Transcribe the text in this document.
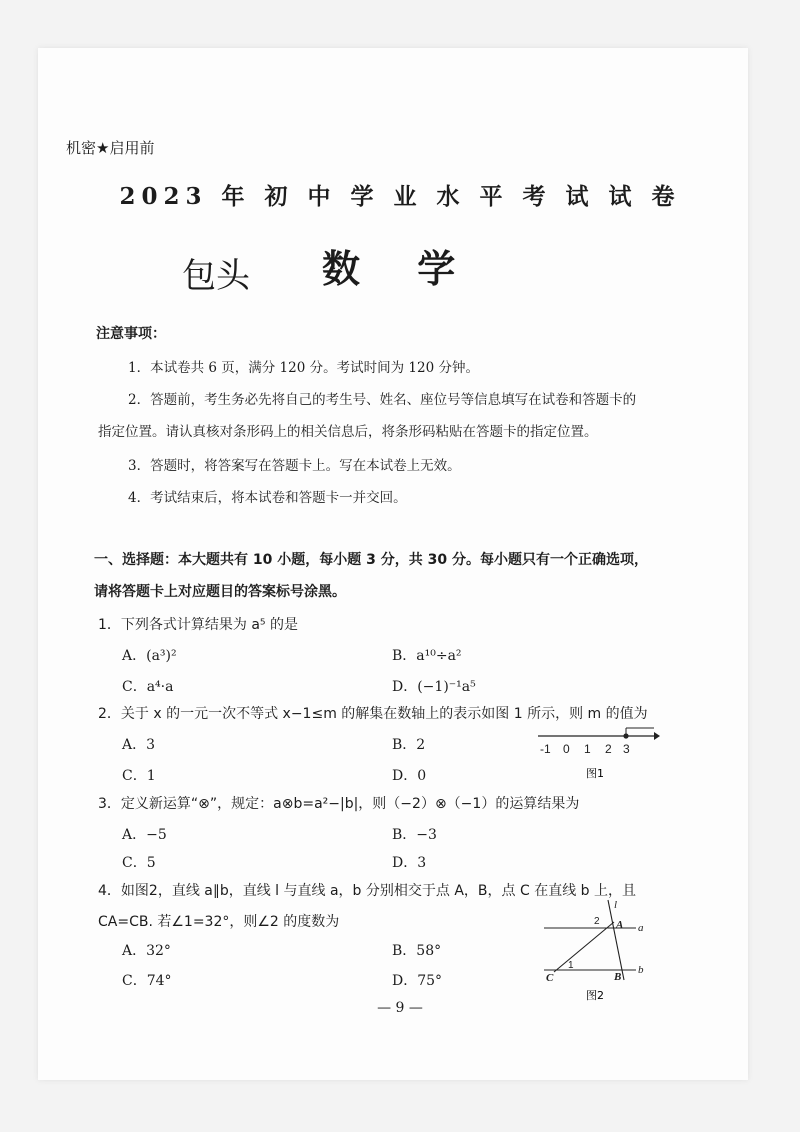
机密★启用前
2023 年 初 中 学 业 水 平 考 试 试 卷
包头 数 学
注意事项：
1．本试卷共 6 页，满分 120 分。考试时间为 120 分钟。
2．答题前，考生务必先将自己的考生号、姓名、座位号等信息填写在试卷和答题卡的
指定位置。请认真核对条形码上的相关信息后，将条形码粘贴在答题卡的指定位置。
3．答题时，将答案写在答题卡上。写在本试卷上无效。
4．考试结束后，将本试卷和答题卡一并交回。
一、选择题：本大题共有 10 小题，每小题 3 分，共 30 分。每小题只有一个正确选项，
请将答题卡上对应题目的答案标号涂黑。
1．下列各式计算结果为 a⁵ 的是
A．(a³)²	B．a¹⁰÷a²
C．a⁴·a	D．(−1)⁻¹a⁵
2．关于 x 的一元一次不等式 x−1≤m 的解集在数轴上的表示如图 1 所示，则 m 的值为
A．3	B．2
C．1	D．0
-1 0 1 2 3
图1
3．定义新运算“⊗”，规定：a⊗b=a²−|b|，则（−2）⊗（−1）的运算结果为
A．−5	B．−3
C．5	D．3
4．如图2，直线 a∥b，直线 l 与直线 a，b 分别相交于点 A，B，点 C 在直线 b 上，且
CA=CB. 若∠1=32°，则∠2 的度数为
A．32°	B．58°
C．74°	D．75°
l
a
b
A
B
C
1
2
图2
— 9 —
